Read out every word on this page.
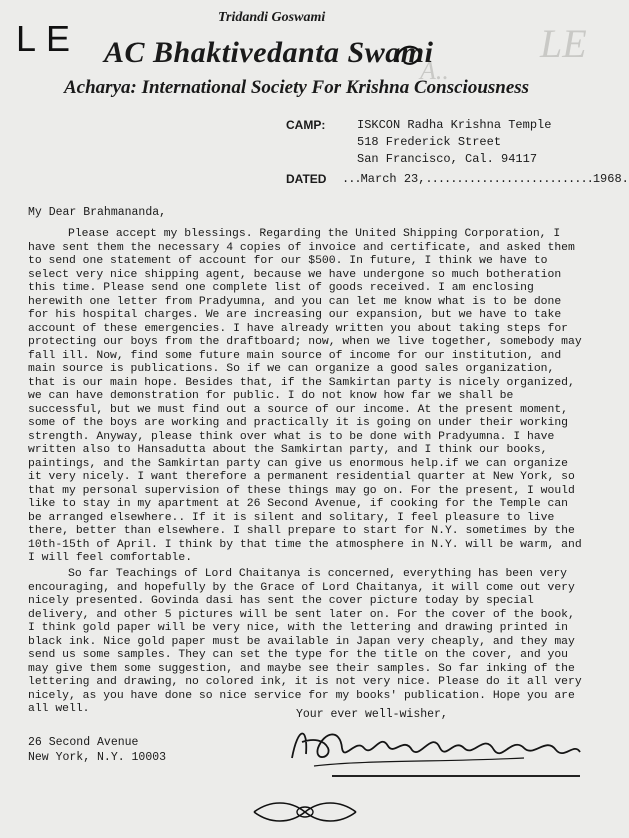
LE
A..
LE
Tridandi Goswami
AC Bhaktivedanta Swami
Acharya: International Society For Krishna Consciousness
CAMP:	ISKCON Radha Krishna Temple
518 Frederick Street
San Francisco, Cal. 94117
DATED ...March 23,...........................1968.
My Dear Brahmananda,

Please accept my blessings. Regarding the United Shipping Corporation, I have sent them the necessary 4 copies of invoice and certificate, and asked them to send one statement of account for our $500. In future, I think we have to select very nice shipping agent, because we have undergone so much botheration this time. Please send one complete list of goods received. I am enclosing herewith one letter from Pradyumna, and you can let me know what is to be done for his hospital charges. We are increasing our expansion, but we have to take account of these emergencies. I have already written you about taking steps for protecting our boys from the draftboard; now, when we live together, somebody may fall ill. Now, find some future main source of income for our institution, and main source is publications. So if we can organize a good sales organization, that is our main hope. Besides that, if the Samkirtan party is nicely organized, we can have demonstration for public. I do not know how far we shall be successful, but we must find out a source of our income. At the present moment, some of the boys are working and practically it is going on under their working strength. Anyway, please think over what is to be done with Pradyumna. I have written also to Hansadutta about the Samkirtan party, and I think our books, paintings, and the Samkirtan party can give us enormous help.if we can organize it very nicely. I want therefore a permanent residential quarter at New York, so that my personal supervision of these things may go on. For the present, I would like to stay in my apartment at 26 Second Avenue, if cooking for the Temple can be arranged elsewhere.. If it is silent and solitary, I feel pleasure to live there, better than elsewhere. I shall prepare to start for N.Y. sometimes by the 10th-15th of April. I think by that time the atmosphere in N.Y. will be warm, and I will feel comfortable.

So far Teachings of Lord Chaitanya is concerned, everything has been very encouraging, and hopefully by the Grace of Lord Chaitanya, it will come out very nicely presented. Govinda dasi has sent the cover picture today by special delivery, and other 5 pictures will be sent later on. For the cover of the book, I think gold paper will be very nice, with the lettering and drawing printed in black ink. Nice gold paper must be available in Japan very cheaply, and they may send us some samples. They can set the type for the title on the cover, and you may give them some suggestion, and maybe see their samples. So far inking of the lettering and drawing, no colored ink, it is not very nice. Please do it all very nicely, as you have done so nice service for my books' publication. Hope you are all well.	Your ever well-wisher,
26 Second Avenue
New York, N.Y. 10003
